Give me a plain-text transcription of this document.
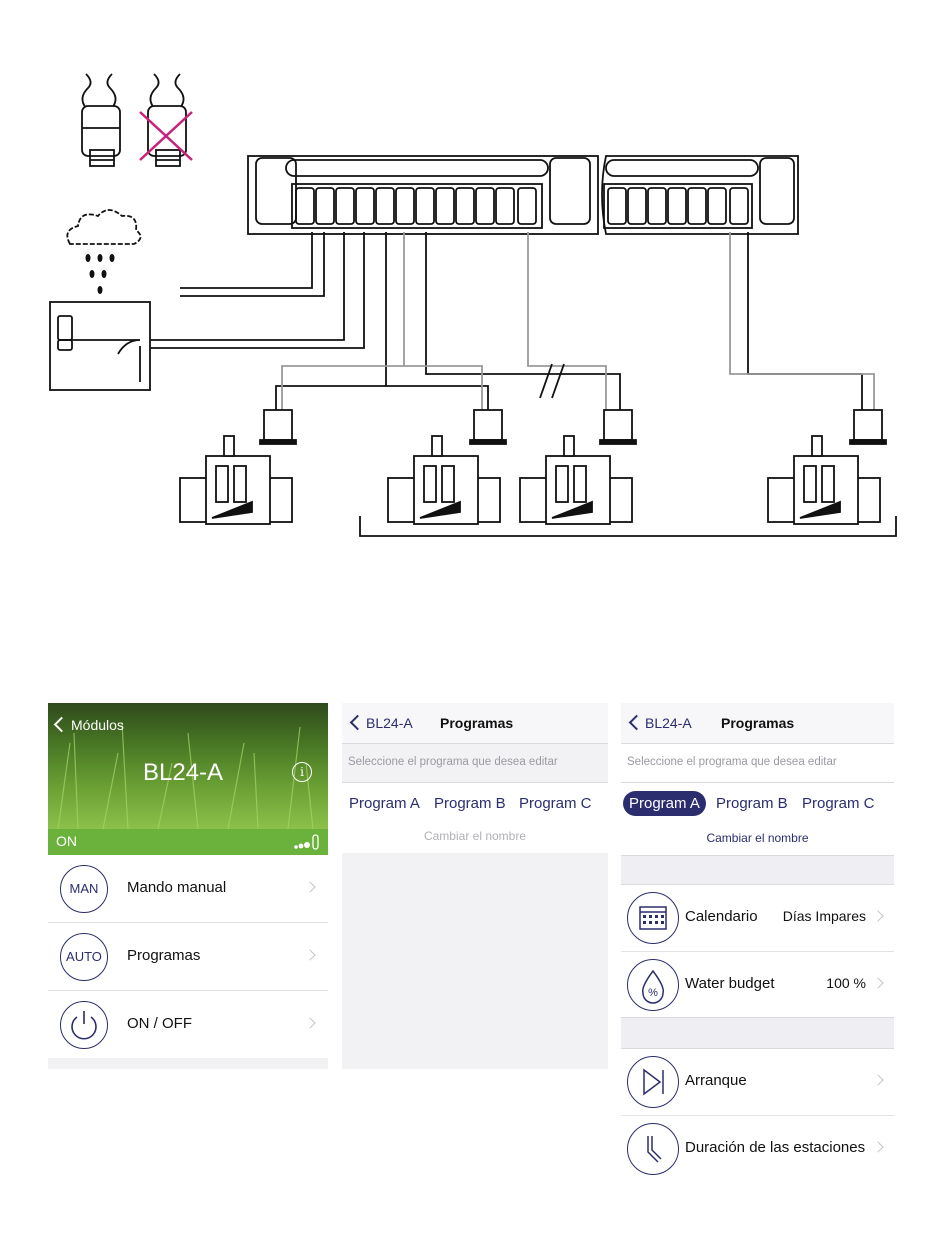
Módulos
BL24-A	i
ON
MAN	Mando manual
AUTO	Programas
ON / OFF
BL24-A Programas
Seleccione el programa que desea editar
Program A Program B Program C
Cambiar el nombre
BL24-A Programas
Seleccione el programa que desea editar
Program A	Program B Program C
Cambiar el nombre
Calendario Días Impares
%
Water budget	100 %
Arranque
Duración de las estaciones
